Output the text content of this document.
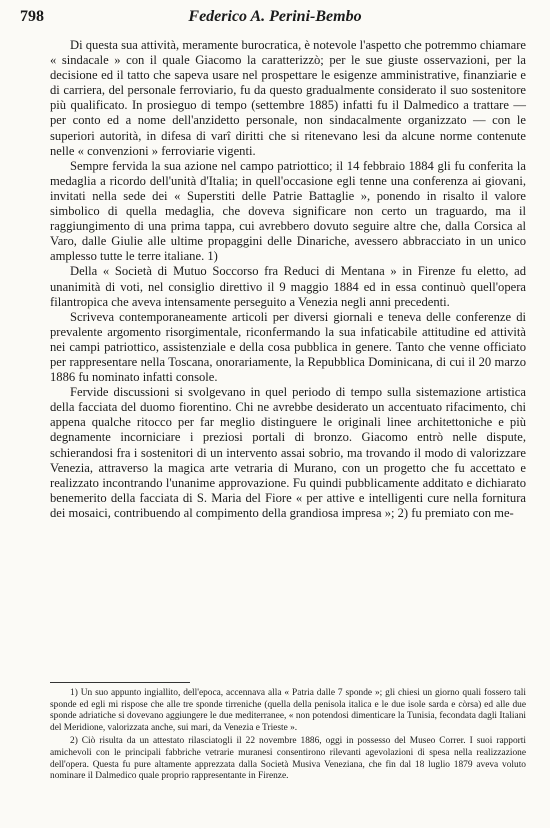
798	Federico A. Perini-Bembo

Di questa sua attività, meramente burocratica, è notevole l'aspetto che potremmo chiamare « sindacale » con il quale Giacomo la caratterizzò; per le sue giuste osservazioni, per la decisione ed il tatto che sapeva usare nel prospettare le esigenze amministrative, finanziarie e di carriera, del personale ferroviario, fu da questo gradualmente considerato il suo sostenitore più qualificato. In prosieguo di tempo (settembre 1885) infatti fu il Dalmedico a trattare — per conto ed a nome dell'anzidetto personale, non sindacalmente organizzato — con le superiori autorità, in difesa di varî diritti che si ritenevano lesi da alcune norme contenute nelle « convenzioni » ferroviarie vigenti.

Sempre fervida la sua azione nel campo patriottico; il 14 febbraio 1884 gli fu conferita la medaglia a ricordo dell'unità d'Italia; in quell'occasione egli tenne una conferenza ai giovani, invitati nella sede dei « Superstiti delle Patrie Battaglie », ponendo in risalto il valore simbolico di quella medaglia, che doveva significare non certo un traguardo, ma il raggiungimento di una prima tappa, cui avrebbero dovuto seguire altre che, dalla Corsica al Varo, dalle Giulie alle ultime propaggini delle Dinariche, avessero abbracciato in un unico amplesso tutte le terre italiane. 1)

Della « Società di Mutuo Soccorso fra Reduci di Mentana » in Firenze fu eletto, ad unanimità di voti, nel consiglio direttivo il 9 maggio 1884 ed in essa continuò quell'opera filantropica che aveva intensamente perseguito a Venezia negli anni precedenti.

Scriveva contemporaneamente articoli per diversi giornali e teneva delle conferenze di prevalente argomento risorgimentale, riconfermando la sua infaticabile attitudine ed attività nei campi patriottico, assistenziale e della cosa pubblica in genere. Tanto che venne officiato per rappresentare nella Toscana, onorariamente, la Repubblica Dominicana, di cui il 20 marzo 1886 fu nominato infatti console.

Fervide discussioni si svolgevano in quel periodo di tempo sulla sistemazione artistica della facciata del duomo fiorentino. Chi ne avrebbe desiderato un accentuato rifacimento, chi appena qualche ritocco per far meglio distinguere le originali linee architettoniche e più degnamente incorniciare i preziosi portali di bronzo. Giacomo entrò nelle dispute, schierandosi fra i sostenitori di un intervento assai sobrio, ma trovando il modo di valorizzare Venezia, attraverso la magica arte vetraria di Murano, con un progetto che fu accettato e realizzato incontrando l'unanime approvazione. Fu quindi pubblicamente additato e dichiarato benemerito della facciata di S. Maria del Fiore « per attive e intelligenti cure nella fornitura dei mosaici, contribuendo al compimento della grandiosa impresa »; 2) fu premiato con me-

1) Un suo appunto ingiallito, dell'epoca, accennava alla « Patria dalle 7 sponde »; gli chiesi un giorno quali fossero tali sponde ed egli mi rispose che alle tre sponde tirreniche (quella della penisola italica e le due isole sarda e còrsa) ed alle due sponde adriatiche si dovevano aggiungere le due mediterranee, « non potendosi dimenticare la Tunisia, fecondata dagli Italiani del Meridione, valorizzata anche, sui mari, da Venezia e Trieste ».

2) Ciò risulta da un attestato rilasciatogli il 22 novembre 1886, oggi in possesso del Museo Correr. I suoi rapporti amichevoli con le principali fabbriche vetrarie muranesi consentirono rilevanti agevolazioni di spesa nella realizzazione dell'opera. Questa fu pure altamente apprezzata dalla Società Musiva Veneziana, che fin dal 18 luglio 1879 aveva voluto nominare il Dalmedico quale proprio rappresentante in Firenze.
